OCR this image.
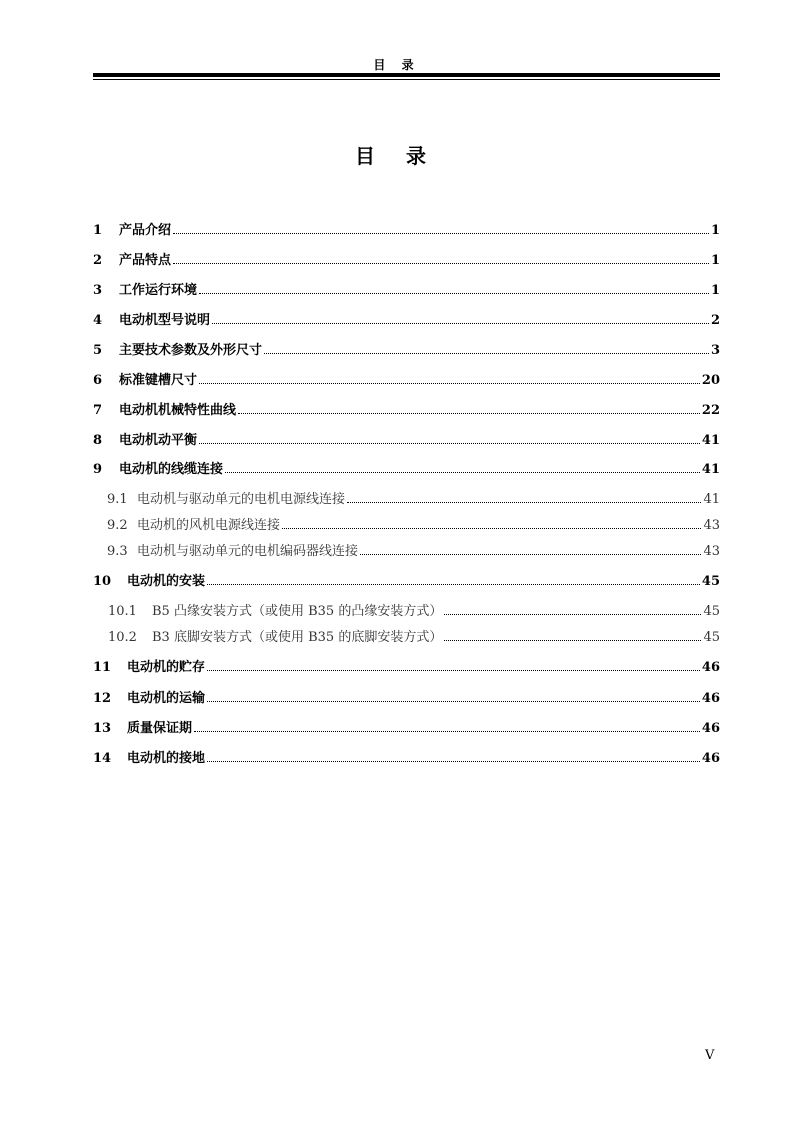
目 录
目 录
1	产品介绍	1
2	产品特点	1
3	工作运行环境	1
4	电动机型号说明	2
5	主要技术参数及外形尺寸	3
6	标准键槽尺寸	20
7	电动机机械特性曲线	22
8	电动机动平衡	41
9	电动机的线缆连接	41
9.1 电动机与驱动单元的电机电源线连接	41
9.2 电动机的风机电源线连接	43
9.3 电动机与驱动单元的电机编码器线连接	43
10	电动机的安装	45
10.1	B5 凸缘安装方式（或使用 B35 的凸缘安装方式）	45
10.2	B3 底脚安装方式（或使用 B35 的底脚安装方式）	45
11	电动机的贮存	46
12	电动机的运输	46
13	质量保证期	46
14	电动机的接地	46
V
